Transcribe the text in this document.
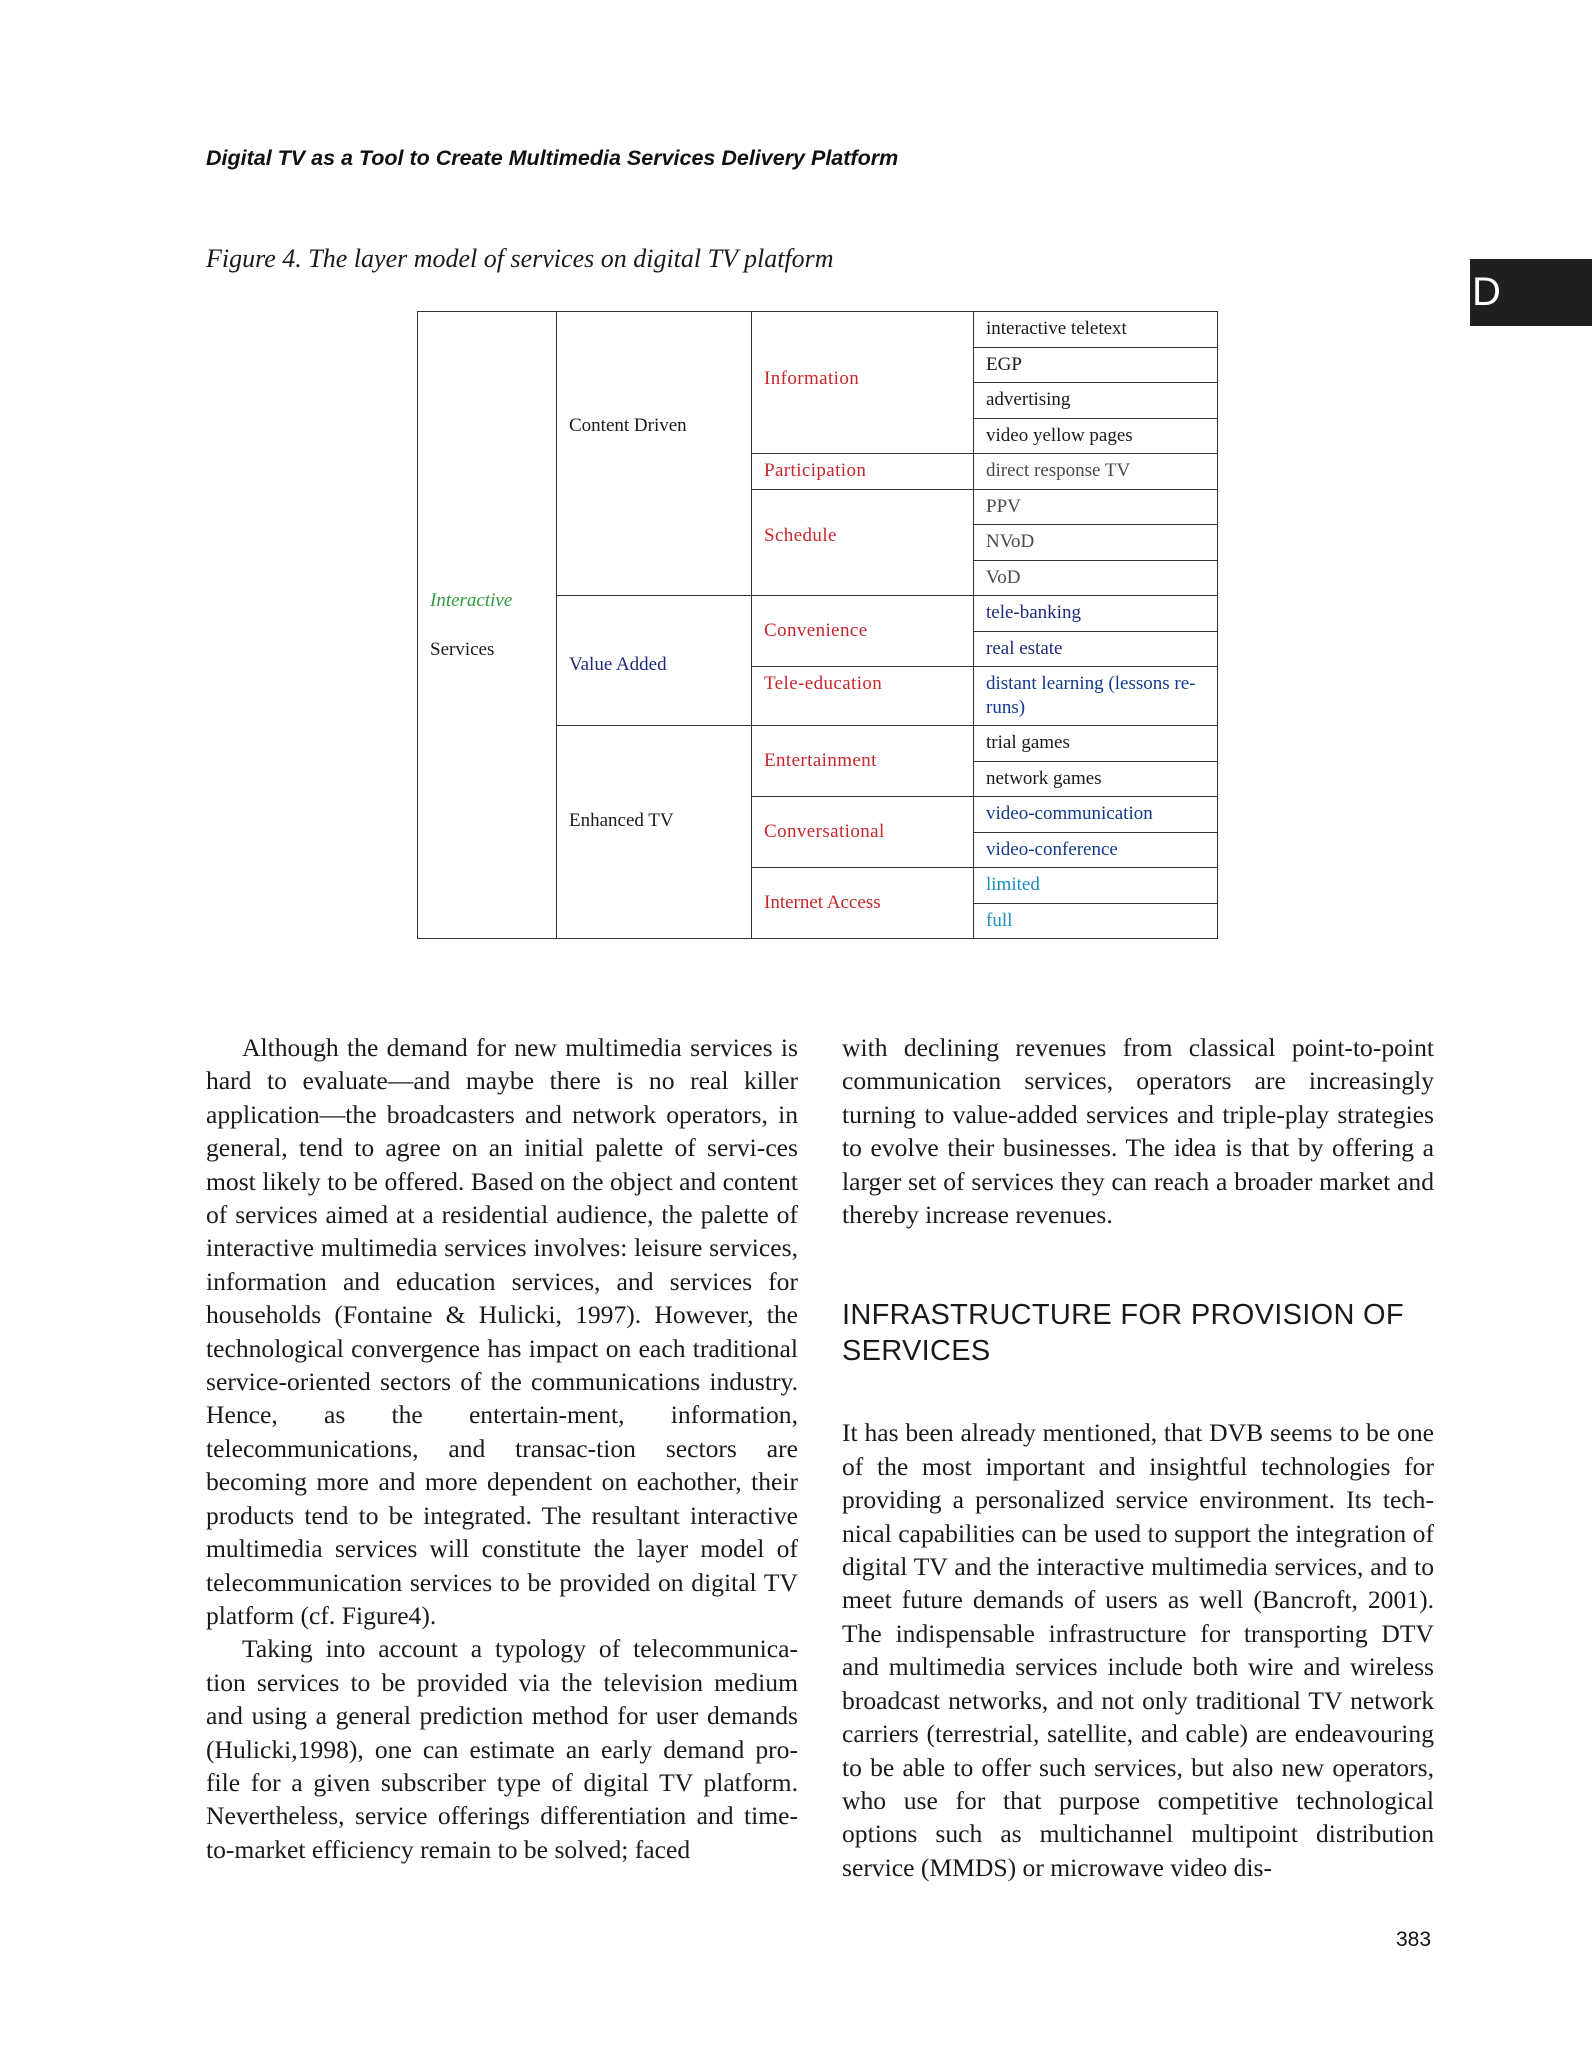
Digital TV as a Tool to Create Multimedia Services Delivery Platform
D
Figure 4. The layer model of services on digital TV platform
Interactive
Services	Content Driven	Information	interactive teletext
			EGP
			advertising
			video yellow pages
		Participation	direct response TV
		Schedule	PPV
			NVoD
			VoD
	Value Added	Convenience	tele-banking
			real estate
		Tele-education	distant learning (lessons re-runs)
	Enhanced TV	Entertainment	trial games
			network games
		Conversational	video-communication
			video-conference
		Internet Access	limited
			full

Although the demand for new multimedia services is hard to evaluate—and maybe there is no real killer application—the broadcasters and network operators, in general, tend to agree on an initial palette of servi-ces most likely to be offered. Based on the object and content of services aimed at a residential audience, the palette of interactive multimedia services involves: leisure services, information and education services, and services for households (Fontaine & Hulicki, 1997). However, the technological convergence has impact on each traditional service-oriented sectors of the communications industry. Hence, as the entertain-ment, information, telecommunications, and transac-tion sectors are becoming more and more dependent on eachother, their products tend to be integrated. The resultant interactive multimedia services will constitute the layer model of telecommunication services to be provided on digital TV platform (cf. Figure4).

Taking into account a typology of telecommunica-tion services to be provided via the television medium and using a general prediction method for user demands (Hulicki,1998), one can estimate an early demand pro-file for a given subscriber type of digital TV platform. Nevertheless, service offerings differentiation and time-to-market efficiency remain to be solved; faced

with declining revenues from classical point-to-point communication services, operators are increasingly turning to value-added services and triple-play strategies to evolve their businesses. The idea is that by offering a larger set of services they can reach a broader market and thereby increase revenues.

INFRASTRUCTURE FOR PROVISION OF SERVICES

It has been already mentioned, that DVB seems to be one of the most important and insightful technologies for providing a personalized service environment. Its tech-nical capabilities can be used to support the integration of digital TV and the interactive multimedia services, and to meet future demands of users as well (Bancroft, 2001). The indispensable infrastructure for transporting DTV and multimedia services include both wire and wireless broadcast networks, and not only traditional TV network carriers (terrestrial, satellite, and cable) are endeavouring to be able to offer such services, but also new operators, who use for that purpose competitive technological options such as multichannel multipoint distribution service (MMDS) or microwave video dis-

383
